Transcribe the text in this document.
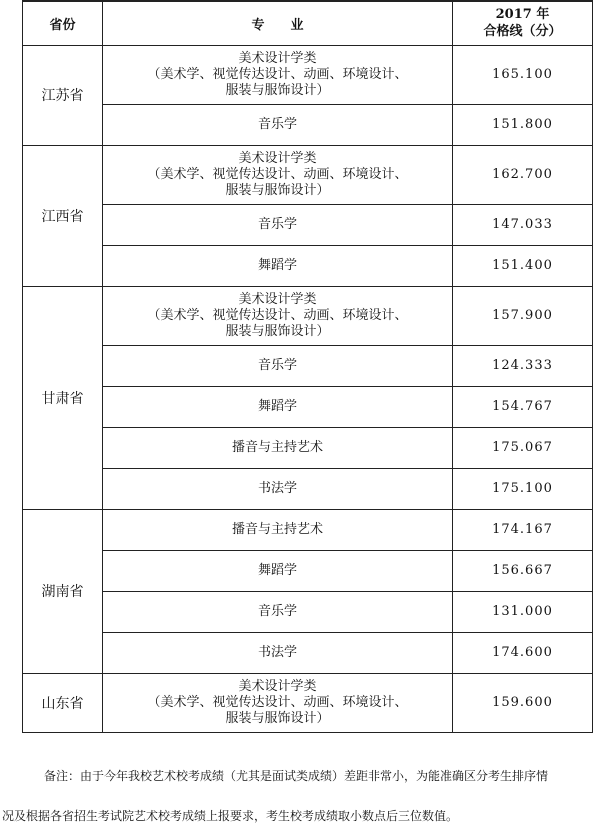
省份	专　　业	2017 年
合格线（分）

江苏省	美术设计学类
（美术学、视觉传达设计、动画、环境设计、
服装与服饰设计）	165.100

	音乐学	151.800
江西省	美术设计学类
（美术学、视觉传达设计、动画、环境设计、
服装与服饰设计）	162.700

	音乐学	147.033

	舞蹈学	151.400
甘肃省	美术设计学类
（美术学、视觉传达设计、动画、环境设计、
服装与服饰设计）	157.900

	音乐学	124.333

	舞蹈学	154.767

	播音与主持艺术	175.067

	书法学	175.100
湖南省	播音与主持艺术	174.167

	舞蹈学	156.667

	音乐学	131.000

	书法学	174.600
山东省	美术设计学类
（美术学、视觉传达设计、动画、环境设计、
服装与服饰设计）	159.600
备注：由于今年我校艺术校考成绩（尤其是面试类成绩）差距非常小，为能准确区分考生排序情
况及根据各省招生考试院艺术校考成绩上报要求，考生校考成绩取小数点后三位数值。
